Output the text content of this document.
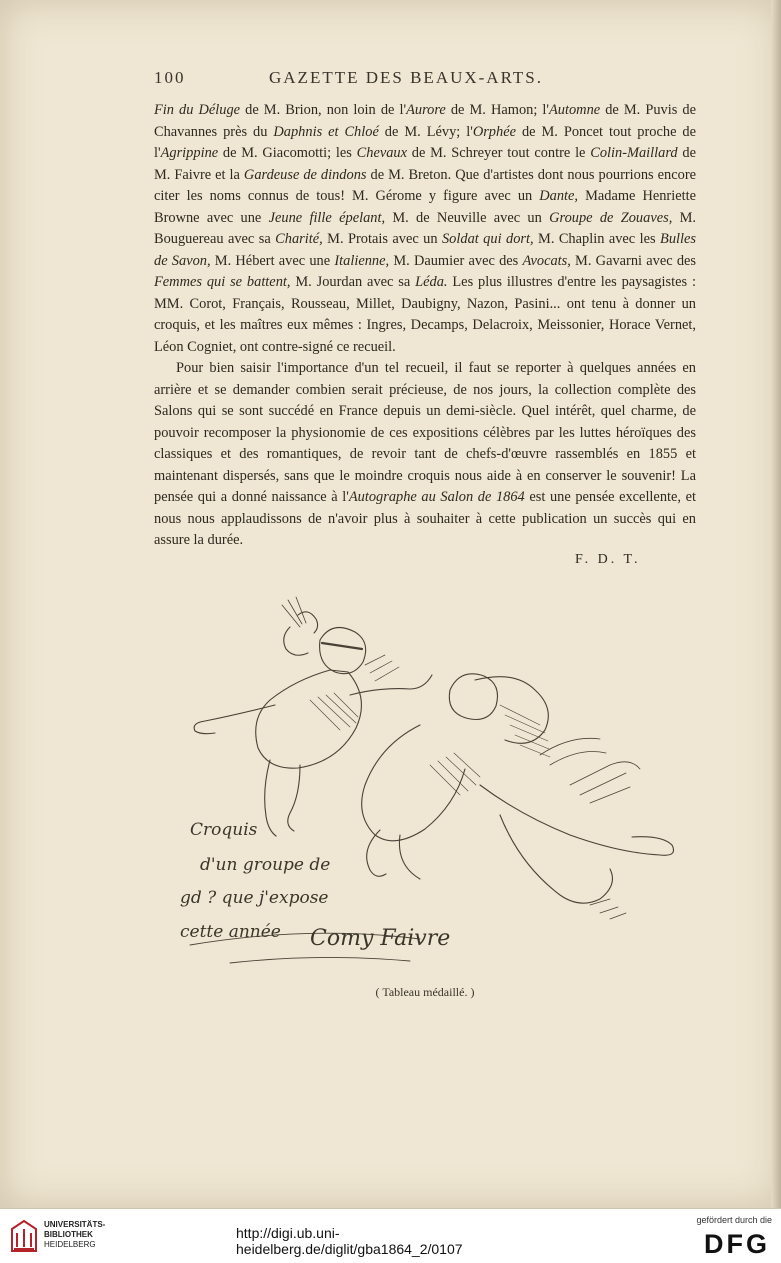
100	GAZETTE DES BEAUX-ARTS.

Fin du Déluge de M. Brion, non loin de l'Aurore de M. Hamon; l'Automne de M. Puvis de Chavannes près du Daphnis et Chloé de M. Lévy; l'Orphée de M. Poncet tout proche de l'Agrippine de M. Giacomotti; les Chevaux de M. Schreyer tout contre le Colin-Maillard de M. Faivre et la Gardeuse de dindons de M. Breton. Que d'artistes dont nous pourrions encore citer les noms connus de tous! M. Gérome y figure avec un Dante, Madame Henriette Browne avec une Jeune fille épelant, M. de Neuville avec un Groupe de Zouaves, M. Bouguereau avec sa Charité, M. Protais avec un Soldat qui dort, M. Chaplin avec les Bulles de Savon, M. Hébert avec une Italienne, M. Daumier avec des Avocats, M. Gavarni avec des Femmes qui se battent, M. Jourdan avec sa Léda. Les plus illustres d'entre les paysagistes : MM. Corot, Français, Rousseau, Millet, Daubigny, Nazon, Pasini... ont tenu à donner un croquis, et les maîtres eux mêmes : Ingres, Decamps, Delacroix, Meissonier, Horace Vernet, Léon Cogniet, ont contre-signé ce recueil.

Pour bien saisir l'importance d'un tel recueil, il faut se reporter à quelques années en arrière et se demander combien serait précieuse, de nos jours, la collection complète des Salons qui se sont succédé en France depuis un demi-siècle. Quel intérêt, quel charme, de pouvoir recomposer la physionomie de ces expositions célèbres par les luttes héroïques des classiques et des romantiques, de revoir tant de chefs-d'œuvre rassemblés en 1855 et maintenant dispersés, sans que le moindre croquis nous aide à en conserver le souvenir! La pensée qui a donné naissance à l'Autographe au Salon de 1864 est une pensée excellente, et nous nous applaudissons de n'avoir plus à souhaiter à cette publication un succès qui en assure la durée.

F. D. T.
Croquis
d'un groupe de
gd ? que j'expose
cette année Comy Faivre
( Tableau médaillé. )
UNIVERSITÄTS-
BIBLIOTHEK
HEIDELBERG
http://digi.ub.uni-heidelberg.de/diglit/gba1864_2/0107
gefördert durch die
DFG
